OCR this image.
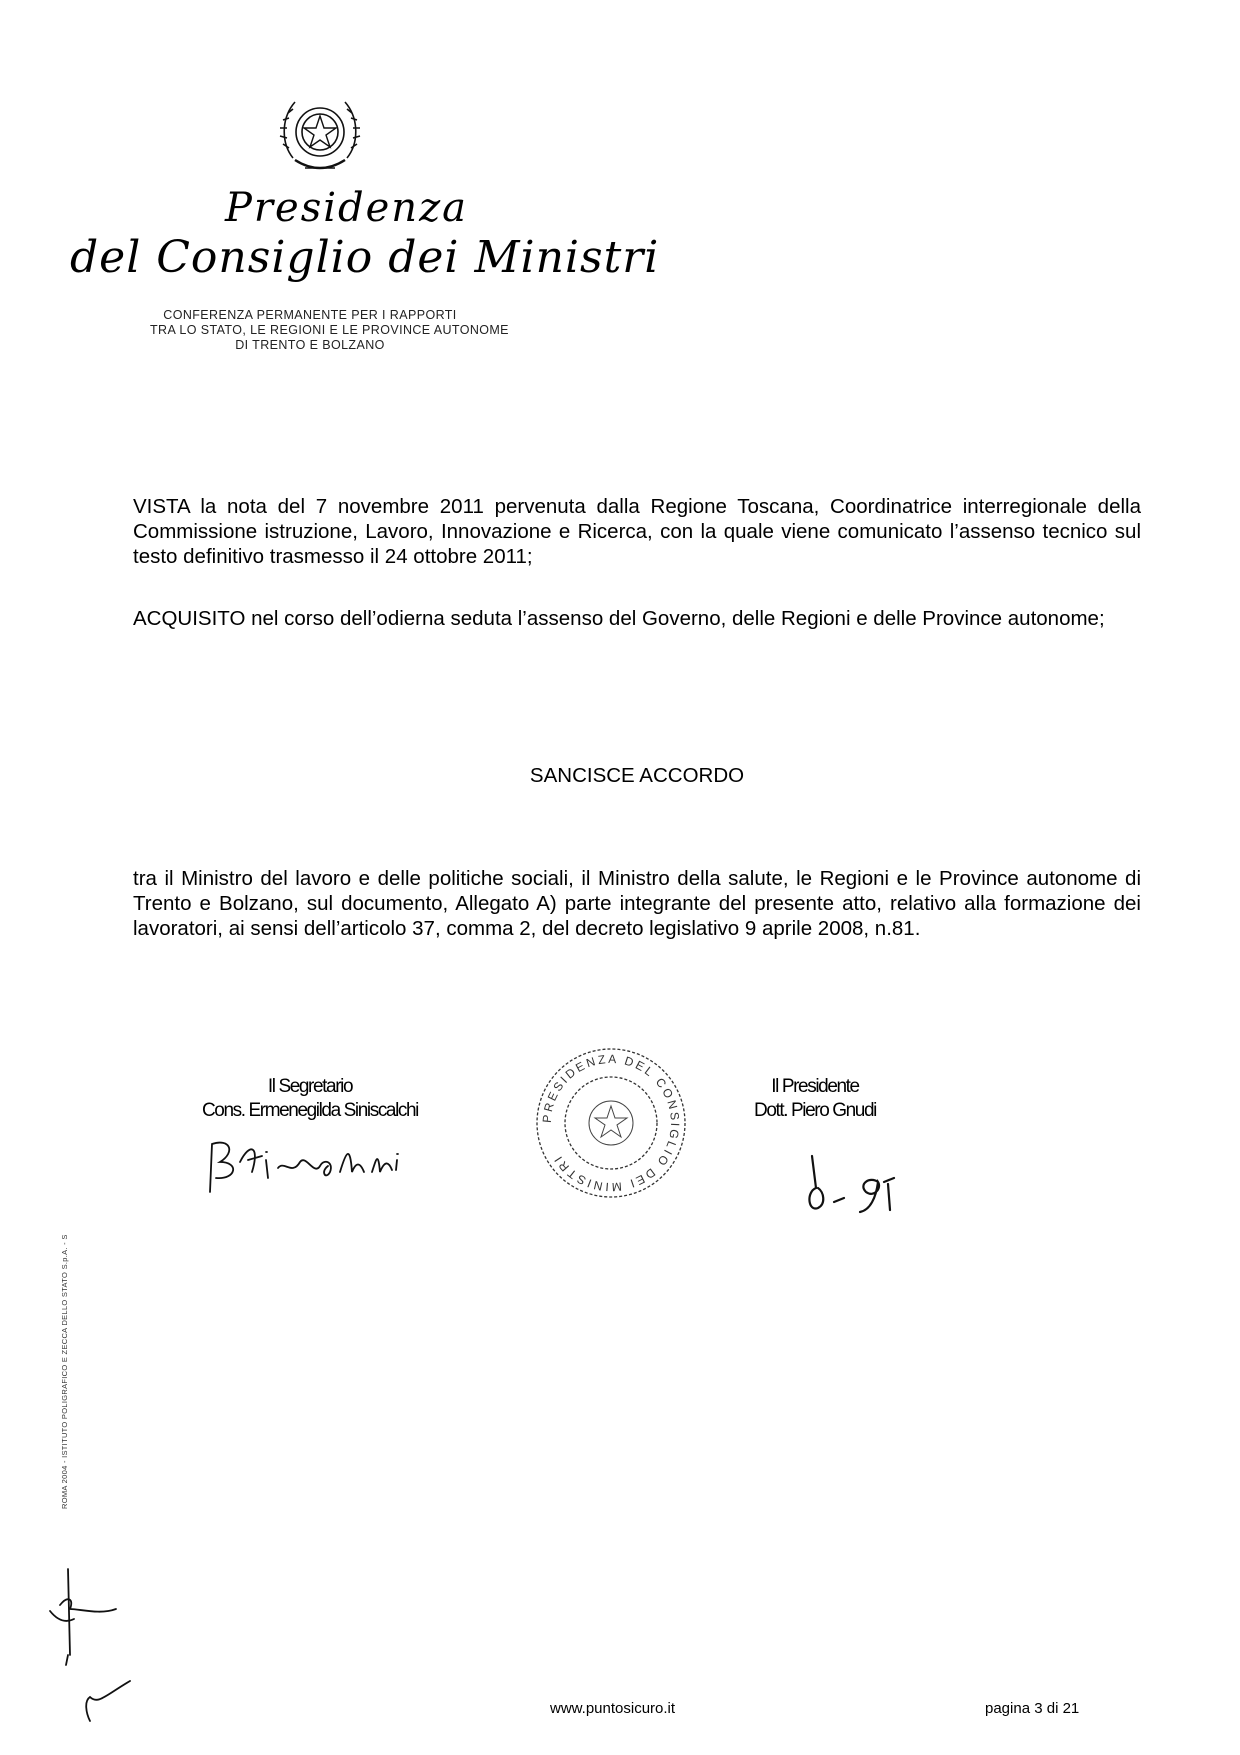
Presidenza
del Consiglio dei Ministri
CONFERENZA PERMANENTE PER I RAPPORTI
TRA LO STATO, LE REGIONI E LE PROVINCE AUTONOME
DI TRENTO E BOLZANO
VISTA la nota del 7 novembre 2011 pervenuta dalla Regione Toscana, Coordinatrice interregionale della Commissione istruzione, Lavoro, Innovazione e Ricerca, con la quale viene comunicato l’assenso tecnico sul testo definitivo trasmesso il 24 ottobre 2011;
ACQUISITO nel corso dell’odierna seduta l’assenso del Governo, delle Regioni e delle Province autonome;
SANCISCE ACCORDO
tra il Ministro del lavoro e delle politiche sociali, il Ministro della salute, le Regioni e le Province autonome di Trento e Bolzano, sul documento, Allegato A) parte integrante del presente atto, relativo alla formazione dei lavoratori, ai sensi dell’articolo 37, comma 2, del decreto legislativo 9 aprile 2008, n.81.
Il Segretario
Cons. Ermenegilda Siniscalchi	PRESIDENZA DEL CONSIGLIO DEI MINISTRI
Il Presidente
Dott. Piero Gnudi
ROMA 2004 - ISTITUTO POLIGRAFICO E ZECCA DELLO STATO S.p.A. - S
www.puntosicuro.it	pagina 3 di 21
